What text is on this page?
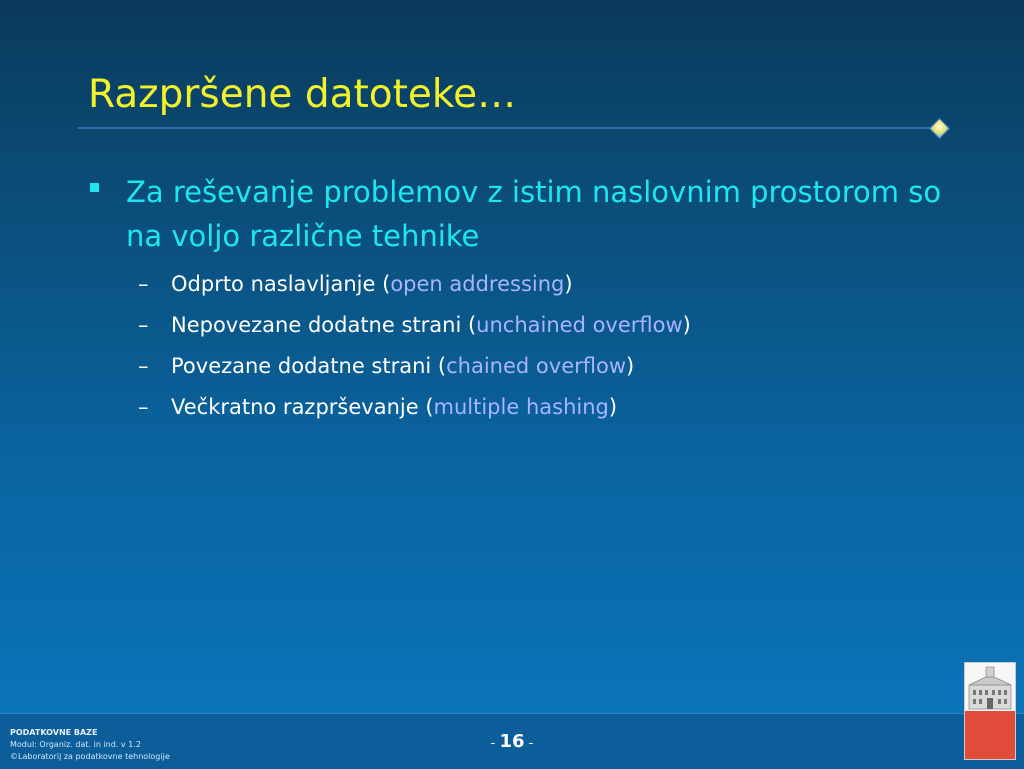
Razpršene datoteke…
Za reševanje problemov z istim naslovnim prostorom so na voljo različne tehnike
– Odprto naslavljanje (open addressing)
– Nepovezane dodatne strani (unchained overflow)
– Povezane dodatne strani (chained overflow)
– Večkratno razprševanje (multiple hashing)
PODATKOVNE BAZE
Modul: Organiz. dat. in ind. v 1.2
©Laboratorij za podatkovne tehnologije
- 16 -
